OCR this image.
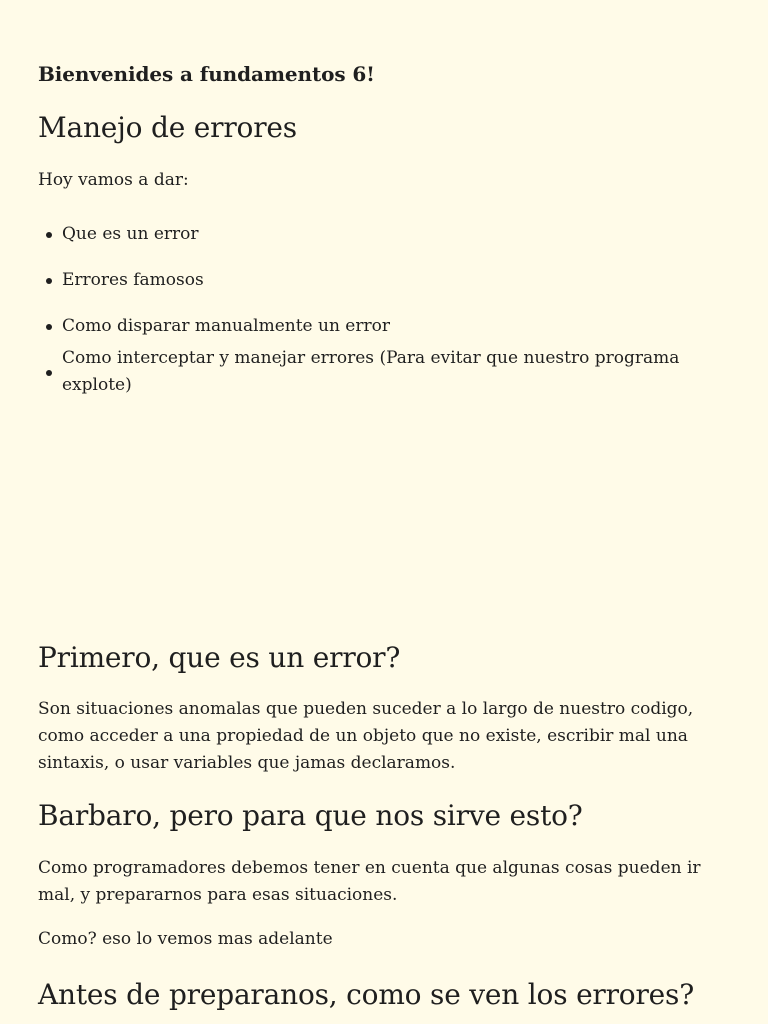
Bienvenides a fundamentos 6!

Manejo de errores

Hoy vamos a dar:

Que es un error
Errores famosos
Como disparar manualmente un error
Como interceptar y manejar errores (Para evitar que nuestro programa explote)
Primero, que es un error?

Son situaciones anomalas que pueden suceder a lo largo de nuestro codigo, como acceder a una propiedad de un objeto que no existe, escribir mal una sintaxis, o usar variables que jamas declaramos.

Barbaro, pero para que nos sirve esto?

Como programadores debemos tener en cuenta que algunas cosas pueden ir mal, y prepararnos para esas situaciones.

Como? eso lo vemos mas adelante

Antes de preparanos, como se ven los errores?
